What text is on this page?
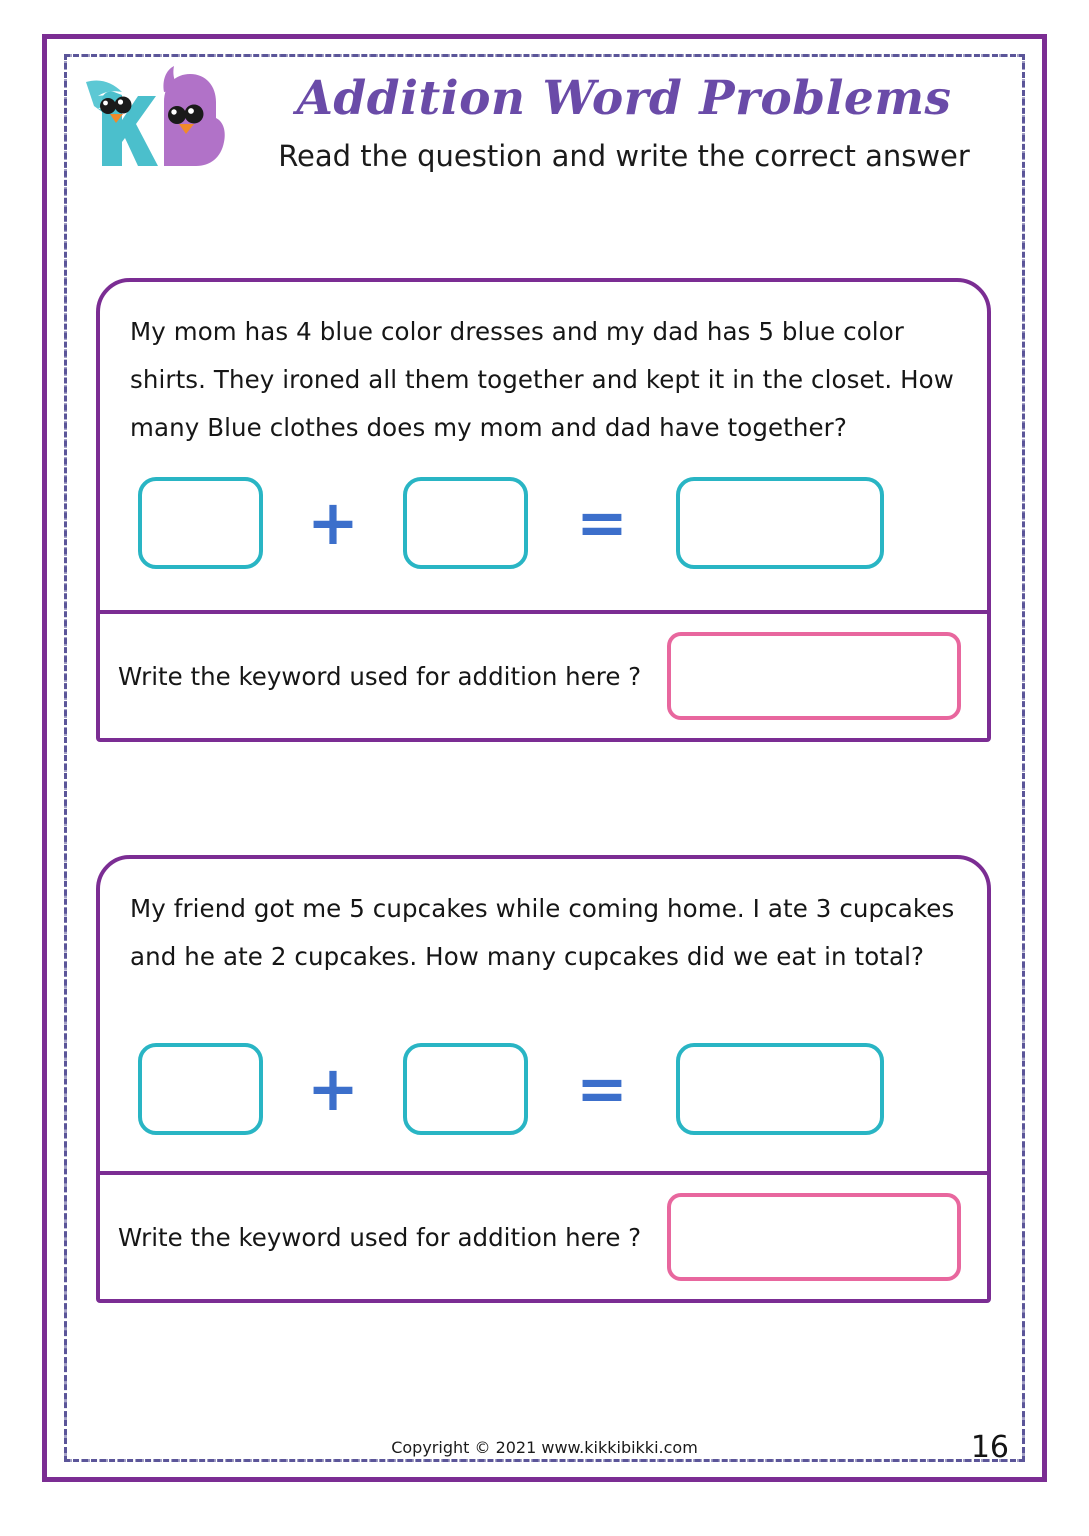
Addition Word Problems
Read the question and write the correct answer
My mom has 4 blue color dresses and my dad has 5 blue color shirts. They ironed all them together and kept it in the closet. How many Blue clothes does my mom and dad have together?
+	=
Write the keyword used for addition here ?
My friend got me 5 cupcakes while coming home. I ate 3 cupcakes and he ate 2 cupcakes. How many cupcakes did we eat in total?
+	=
Write the keyword used for addition here ?
Copyright © 2021 www.kikkibikki.com	16
